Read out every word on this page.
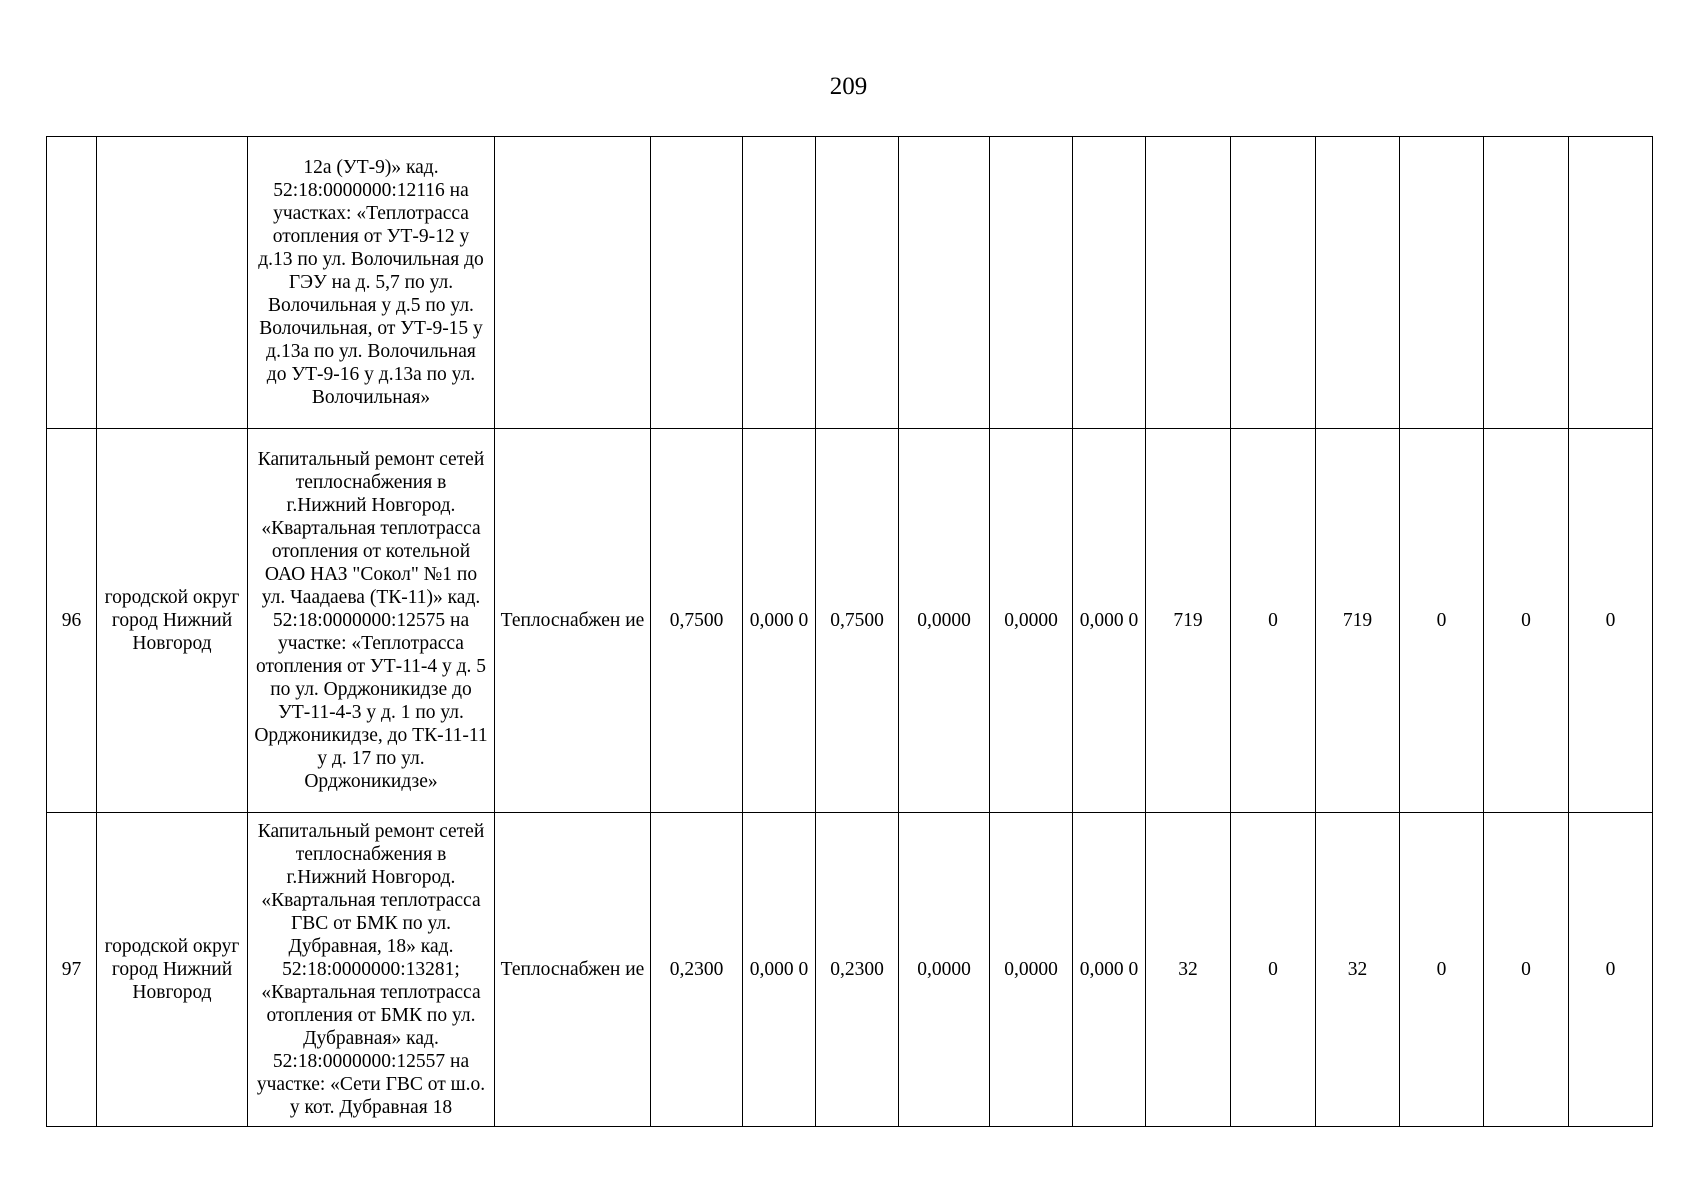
209
		12а (УТ-9)» кад. 52:18:0000000:12116 на участках: «Теплотрасса отопления от УТ-9-12 у д.13 по ул. Волочильная до ГЭУ на д. 5,7 по ул. Волочильная у д.5 по ул. Волочильная, от УТ-9-15 у д.13а по ул. Волочильная до УТ-9-16 у д.13а по ул. Волочильная»													
96	городской округ город Нижний Новгород	Капитальный ремонт сетей теплоснабжения в г.Нижний Новгород. «Квартальная теплотрасса отопления от котельной ОАО НАЗ "Сокол" №1 по ул. Чаадаева (ТК-11)» кад. 52:18:0000000:12575 на участке: «Теплотрасса отопления от УТ-11-4 у д. 5 по ул. Орджоникидзе до УТ-11-4-3 у д. 1 по ул. Орджоникидзе, до ТК-11-11 у д. 17 по ул. Орджоникидзе»	Теплоснабжен ие	0,7500	0,000 0	0,7500	0,0000	0,0000	0,000 0	719	0	719	0	0	0
97	городской округ город Нижний Новгород	Капитальный ремонт сетей теплоснабжения в г.Нижний Новгород. «Квартальная теплотрасса ГВС от БМК по ул. Дубравная, 18» кад. 52:18:0000000:13281; «Квартальная теплотрасса отопления от БМК по ул. Дубравная» кад. 52:18:0000000:12557 на участке: «Сети ГВС от ш.о. у кот. Дубравная 18	Теплоснабжен ие	0,2300	0,000 0	0,2300	0,0000	0,0000	0,000 0	32	0	32	0	0	0
